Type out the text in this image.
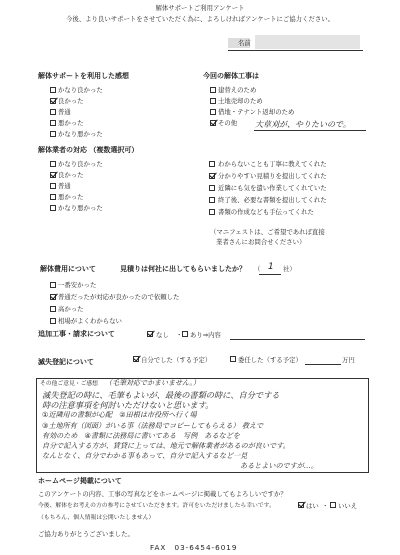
解体サポートご利用アンケート
今後、より良いサポートをさせていただく為に、よろしければアンケートにご協力ください。
名前
解体サポートを利用した感想
かなり良かった
良かった
普通
悪かった
かなり悪かった
今回の解体工事は
建替えのため
土地売却のため
借地・テナント返却のため
その他 大草刈が、やりたいので。
解体業者の対応 （複数選択可）
かなり良かった
良かった
普通
悪かった
かなり悪かった
わからないことも丁寧に教えてくれた
分かりやすい見積りを提出してくれた
近隣にも気を遣い作業してくれていた
終了後、必要な書類を提出してくれた
書類の作成なども手伝ってくれた
（マニフェストは、ご希望であれば直接
業者さんにお問合せください）
解体費用について	見積りは何社に出してもらいましたか？ （ 1 社）
一番安かった
普通だったが対応が良かったので依頼した
高かった
相場がよくわからない
追加工事・請求について	なし ・ あり⇒内容
滅失登記について	自分でした（する予定）	委任した（する予定）	万円
その他ご意見・ご感想 （毛筆対応でかまいません。）
滅失登記の時に、毛筆もよいが、最後の書類の時に、自分でする
時の注意事項を何討いただけないと思います。
①近隣用の書類が心配　②田根は市役所へ行く場
③土地所有（図面）がいる事（法務局でコピーしてもらえる） 教えで
有効のため　④書類に法務局に書いてある　写例　あるなどを
自分で記入する方が、賃貸に上っては、地元で解体業者があるのが良いです。
なんとなく、自分でわかる事もあって、自分で記入するなど一見
あるとよいのですが…。
ホームページ掲載について
このアンケートの内容、工事の写真などをホームページに掲載してもよろしいですか？
今後、解体をお考えの方の参考にさせていただきます。許可をいただけましたら幸いです。	はい ・ いいえ
（もちろん、個人情報は公開いたしません）
ご協力ありがとうございました。
FAX　03-6454-6019
